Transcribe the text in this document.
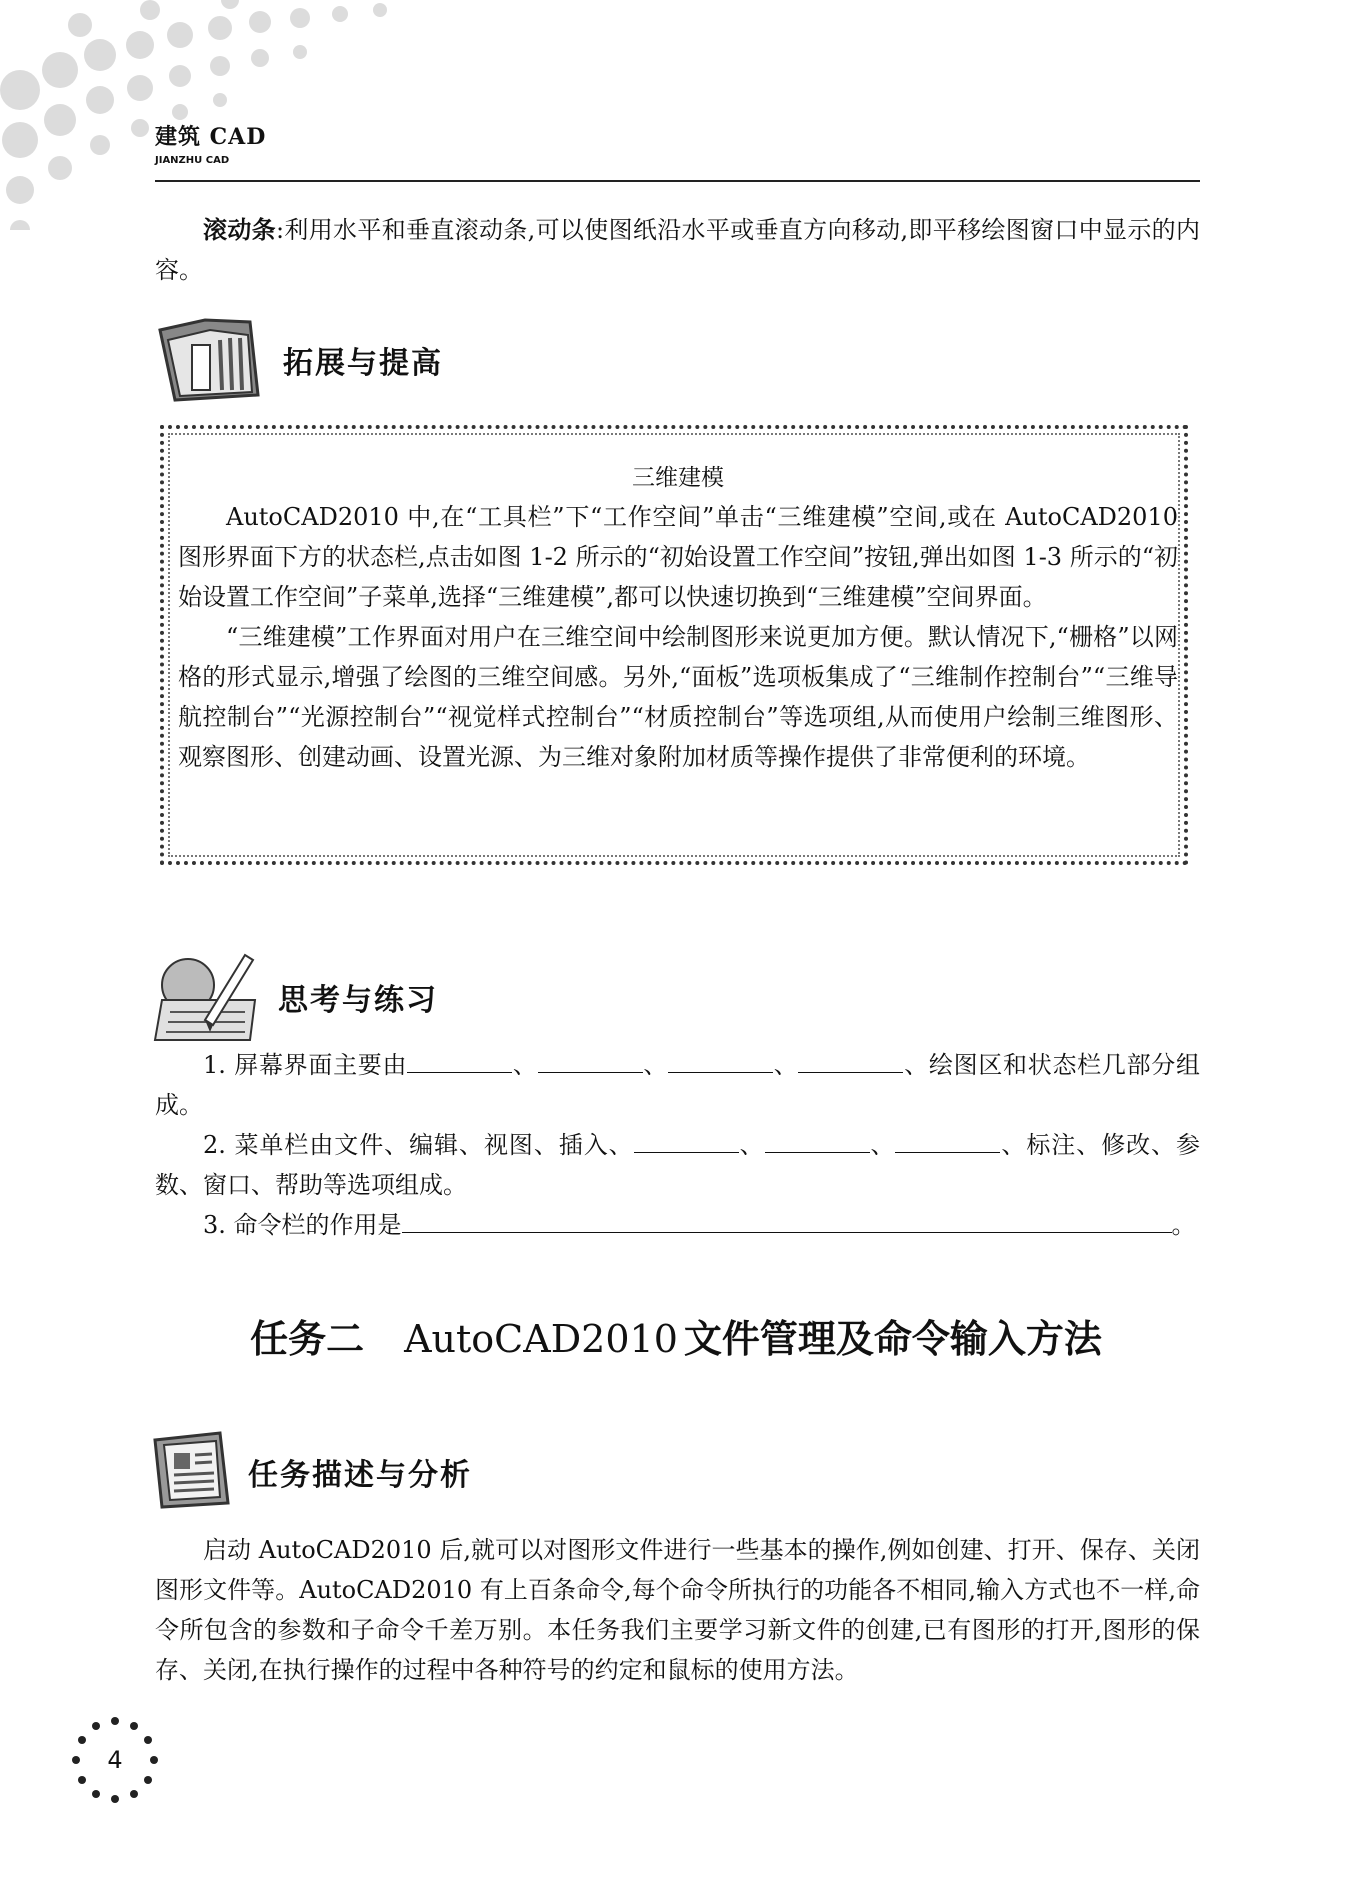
建筑 CAD
JIANZHU CAD

滚动条:利用水平和垂直滚动条,可以使图纸沿水平或垂直方向移动,即平移绘图窗口中显示的内容。

拓展与提高
三维建模

AutoCAD2010 中,在“工具栏”下“工作空间”单击“三维建模”空间,或在 AutoCAD2010 图形界面下方的状态栏,点击如图 1-2 所示的“初始设置工作空间”按钮,弹出如图 1-3 所示的“初始设置工作空间”子菜单,选择“三维建模”,都可以快速切换到“三维建模”空间界面。

“三维建模”工作界面对用户在三维空间中绘制图形来说更加方便。默认情况下,“栅格”以网格的形式显示,增强了绘图的三维空间感。另外,“面板”选项板集成了“三维制作控制台”“三维导航控制台”“光源控制台”“视觉样式控制台”“材质控制台”等选项组,从而使用户绘制三维图形、观察图形、创建动画、设置光源、为三维对象附加材质等操作提供了非常便利的环境。

思考与练习

1. 屏幕界面主要由	、	、	、	、绘图区和状态栏几部分组成。

2. 菜单栏由文件、编辑、视图、插入、	、	、	、标注、修改、参数、窗口、帮助等选项组成。

3. 命令栏的作用是	。

任务二 AutoCAD2010 文件管理及命令输入方法
任务描述与分析

启动 AutoCAD2010 后,就可以对图形文件进行一些基本的操作,例如创建、打开、保存、关闭图形文件等。AutoCAD2010 有上百条命令,每个命令所执行的功能各不相同,输入方式也不一样,命令所包含的参数和子命令千差万别。本任务我们主要学习新文件的创建,已有图形的打开,图形的保存、关闭,在执行操作的过程中各种符号的约定和鼠标的使用方法。

4
